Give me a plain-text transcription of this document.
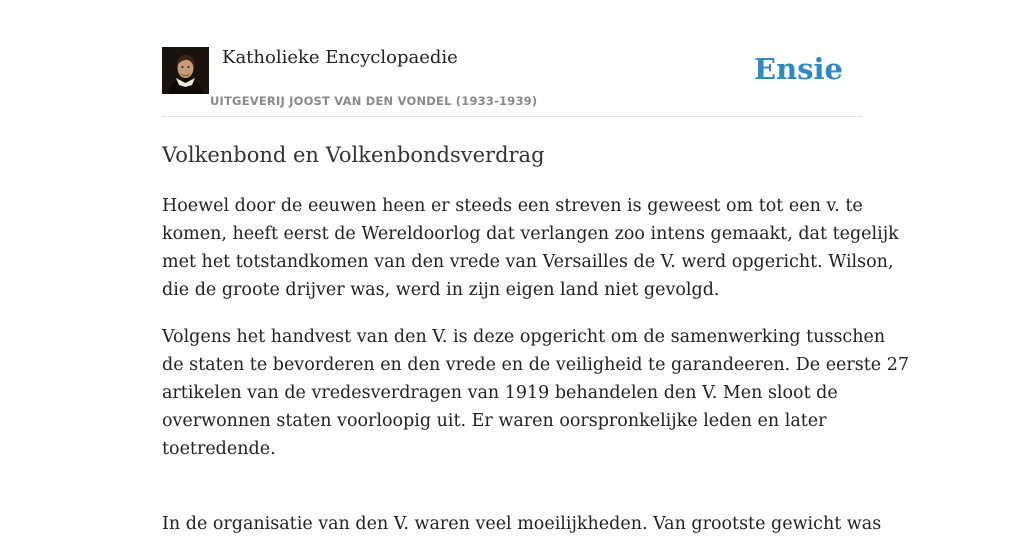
Katholieke Encyclopaedie
UITGEVERIJ JOOST VAN DEN VONDEL (1933-1939)
Ensie
Volkenbond en Volkenbondsverdrag

Hoewel door de eeuwen heen er steeds een streven is geweest om tot een v. te
komen, heeft eerst de Wereldoorlog dat verlangen zoo intens gemaakt, dat tegelijk
met het totstandkomen van den vrede van Versailles de V. werd opgericht. Wilson,
die de groote drijver was, werd in zijn eigen land niet gevolgd.

Volgens het handvest van den V. is deze opgericht om de samenwerking tusschen
de staten te bevorderen en den vrede en de veiligheid te garandeeren. De eerste 27
artikelen van de vredesverdragen van 1919 behandelen den V. Men sloot de
overwonnen staten voorloopig uit. Er waren oorspronkelijke leden en later
toetredende.

In de organisatie van den V. waren veel moeilijkheden. Van grootste gewicht was
